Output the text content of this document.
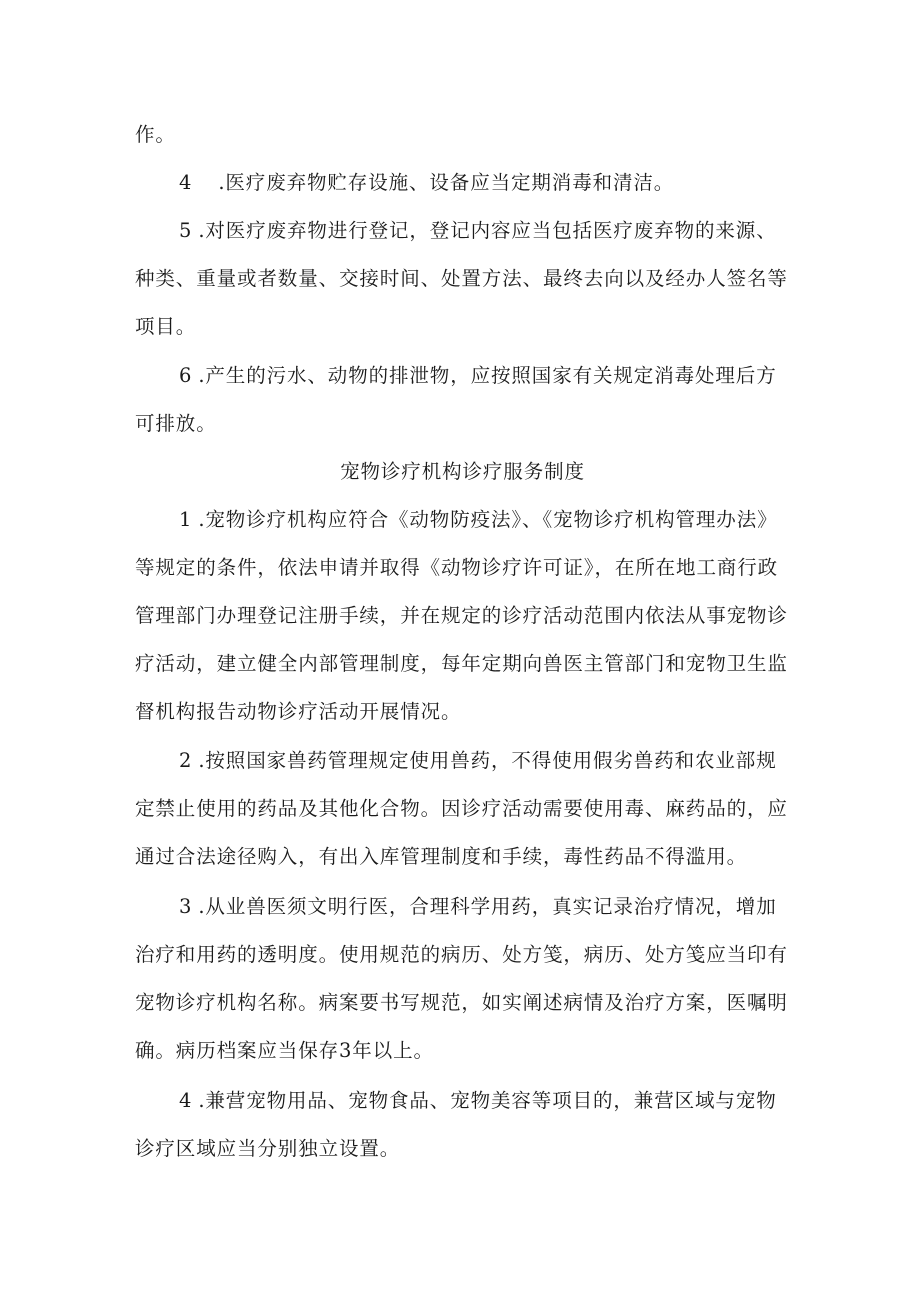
作。
4 .医疗废弃物贮存设施、设备应当定期消毒和清洁。
5 .对医疗废弃物进行登记，登记内容应当包括医疗废弃物的来源、
种类、重量或者数量、交接时间、处置方法、最终去向以及经办人签名等
项目。
6 .产生的污水、动物的排泄物，应按照国家有关规定消毒处理后方
可排放。
宠物诊疗机构诊疗服务制度
1 .宠物诊疗机构应符合《动物防疫法》、《宠物诊疗机构管理办法》
等规定的条件，依法申请并取得《动物诊疗许可证》，在所在地工商行政
管理部门办理登记注册手续，并在规定的诊疗活动范围内依法从事宠物诊
疗活动，建立健全内部管理制度，每年定期向兽医主管部门和宠物卫生监
督机构报告动物诊疗活动开展情况。
2 .按照国家兽药管理规定使用兽药，不得使用假劣兽药和农业部规
定禁止使用的药品及其他化合物。因诊疗活动需要使用毒、麻药品的，应
通过合法途径购入，有出入库管理制度和手续，毒性药品不得滥用。
3 .从业兽医须文明行医，合理科学用药，真实记录治疗情况，增加
治疗和用药的透明度。使用规范的病历、处方笺，病历、处方笺应当印有
宠物诊疗机构名称。病案要书写规范，如实阐述病情及治疗方案，医嘱明
确。病历档案应当保存3年以上。
4 .兼营宠物用品、宠物食品、宠物美容等项目的，兼营区域与宠物
诊疗区域应当分别独立设置。
